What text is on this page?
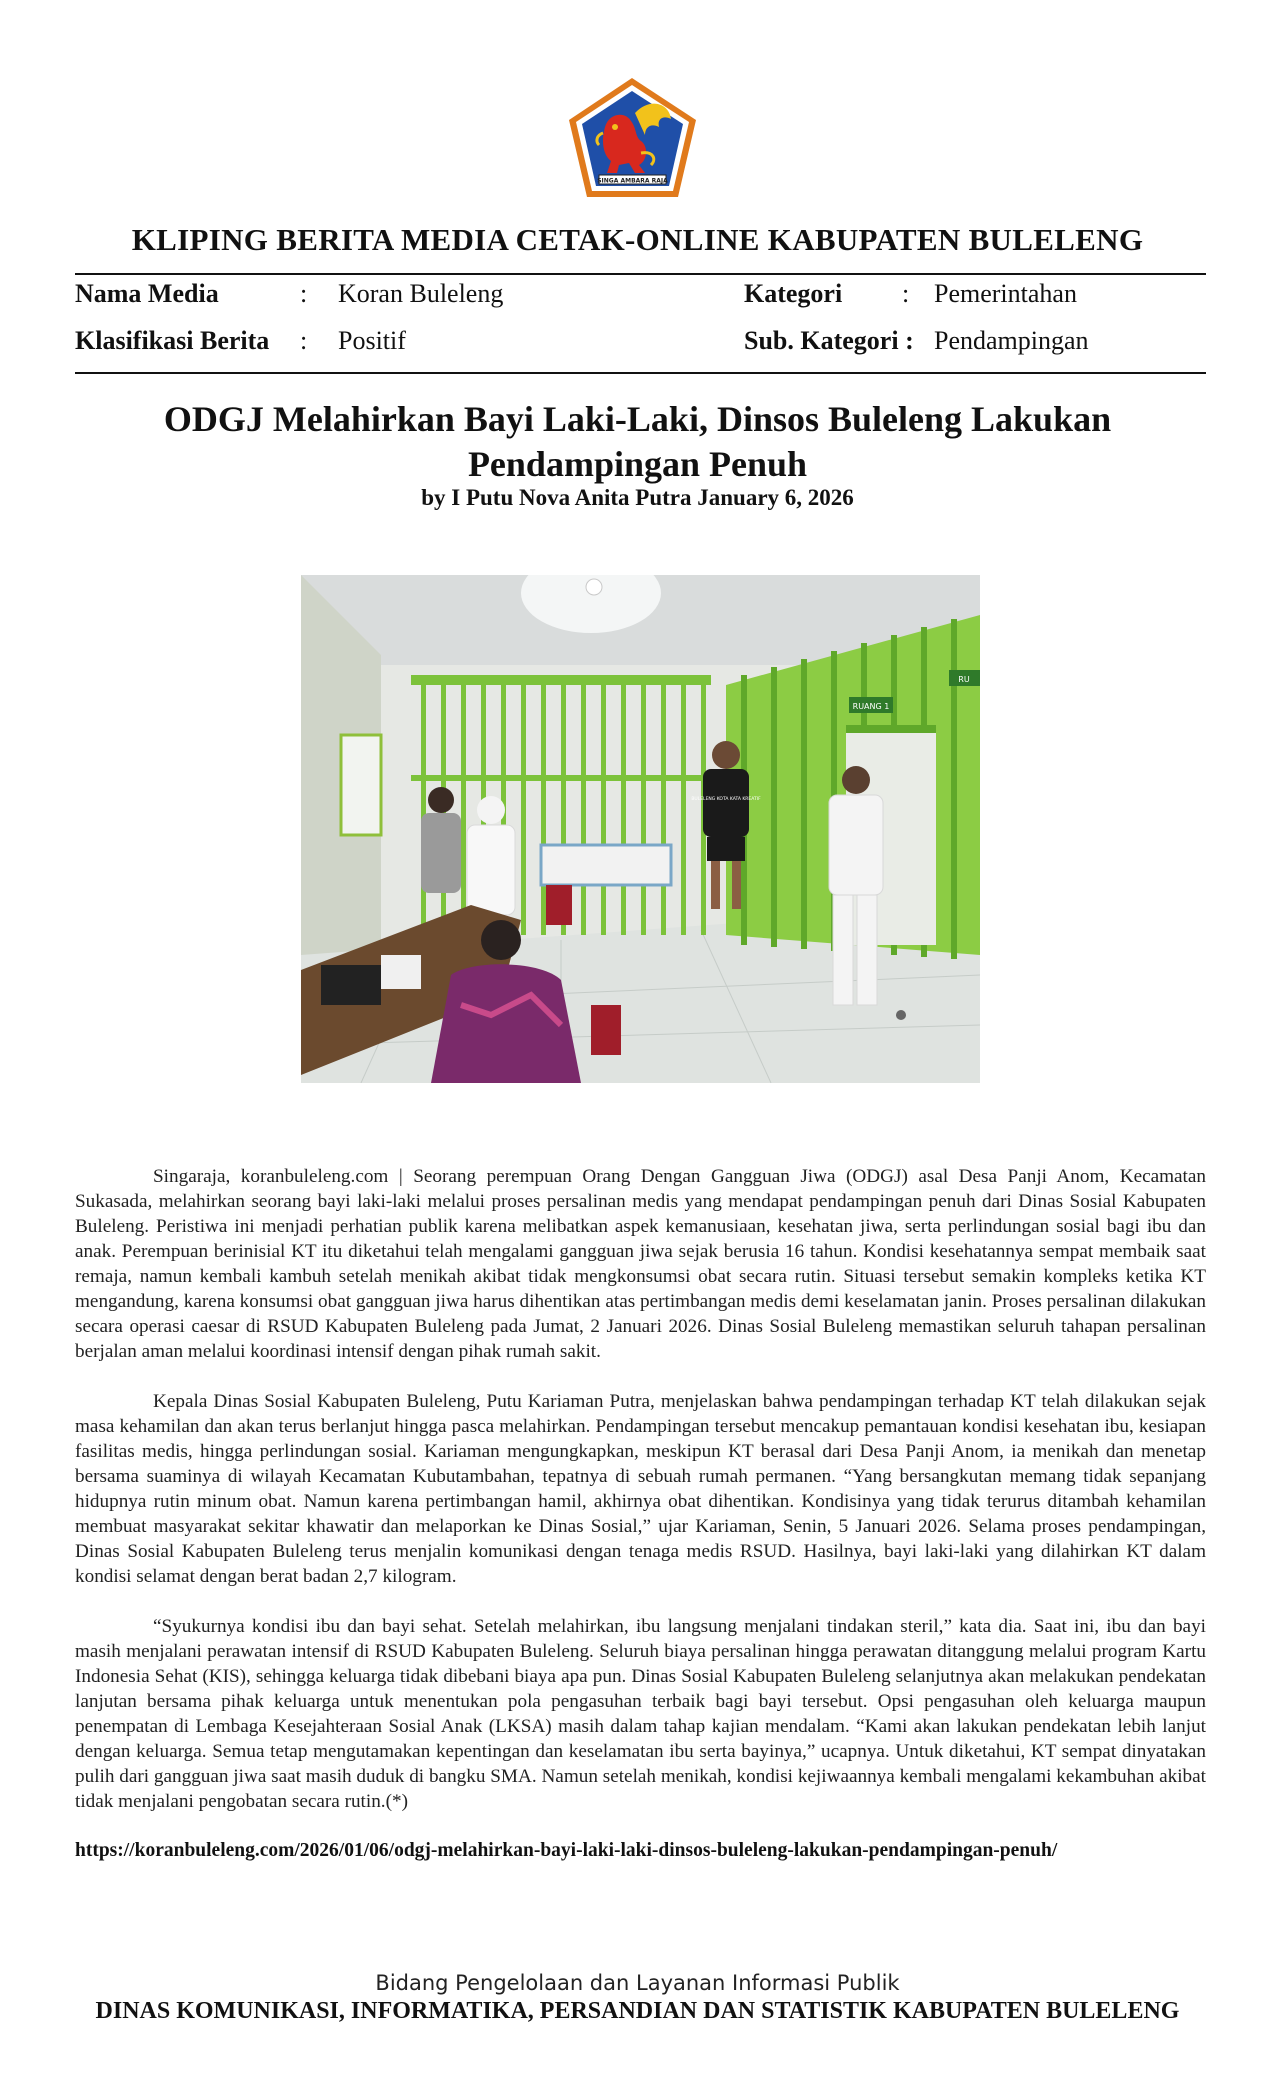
SINGA AMBARA RAJA
KLIPING BERITA MEDIA CETAK-ONLINE KABUPATEN BULELENG
Nama Media	: Koran Buleleng	Kategori : Pemerintahan
Klasifikasi Berita : Positif	Sub. Kategori : Pendampingan
ODGJ Melahirkan Bayi Laki-Laki, Dinsos Buleleng Lakukan Pendampingan Penuh
by I Putu Nova Anita Putra January 6, 2026
RUANG 1
RU
BULELENG KOTA KATA KREATIF

Singaraja, koranbuleleng.com | Seorang perempuan Orang Dengan Gangguan Jiwa (ODGJ) asal Desa Panji Anom, Kecamatan Sukasada, melahirkan seorang bayi laki-laki melalui proses persalinan medis yang mendapat pendampingan penuh dari Dinas Sosial Kabupaten Buleleng. Peristiwa ini menjadi perhatian publik karena melibatkan aspek kemanusiaan, kesehatan jiwa, serta perlindungan sosial bagi ibu dan anak. Perempuan berinisial KT itu diketahui telah mengalami gangguan jiwa sejak berusia 16 tahun. Kondisi kesehatannya sempat membaik saat remaja, namun kembali kambuh setelah menikah akibat tidak mengkonsumsi obat secara rutin. Situasi tersebut semakin kompleks ketika KT mengandung, karena konsumsi obat gangguan jiwa harus dihentikan atas pertimbangan medis demi keselamatan janin. Proses persalinan dilakukan secara operasi caesar di RSUD Kabupaten Buleleng pada Jumat, 2 Januari 2026. Dinas Sosial Buleleng memastikan seluruh tahapan persalinan berjalan aman melalui koordinasi intensif dengan pihak rumah sakit.

Kepala Dinas Sosial Kabupaten Buleleng, Putu Kariaman Putra, menjelaskan bahwa pendampingan terhadap KT telah dilakukan sejak masa kehamilan dan akan terus berlanjut hingga pasca melahirkan. Pendampingan tersebut mencakup pemantauan kondisi kesehatan ibu, kesiapan fasilitas medis, hingga perlindungan sosial. Kariaman mengungkapkan, meskipun KT berasal dari Desa Panji Anom, ia menikah dan menetap bersama suaminya di wilayah Kecamatan Kubutambahan, tepatnya di sebuah rumah permanen. “Yang bersangkutan memang tidak sepanjang hidupnya rutin minum obat. Namun karena pertimbangan hamil, akhirnya obat dihentikan. Kondisinya yang tidak terurus ditambah kehamilan membuat masyarakat sekitar khawatir dan melaporkan ke Dinas Sosial,” ujar Kariaman, Senin, 5 Januari 2026. Selama proses pendampingan, Dinas Sosial Kabupaten Buleleng terus menjalin komunikasi dengan tenaga medis RSUD. Hasilnya, bayi laki-laki yang dilahirkan KT dalam kondisi selamat dengan berat badan 2,7 kilogram.

“Syukurnya kondisi ibu dan bayi sehat. Setelah melahirkan, ibu langsung menjalani tindakan steril,” kata dia. Saat ini, ibu dan bayi masih menjalani perawatan intensif di RSUD Kabupaten Buleleng. Seluruh biaya persalinan hingga perawatan ditanggung melalui program Kartu Indonesia Sehat (KIS), sehingga keluarga tidak dibebani biaya apa pun. Dinas Sosial Kabupaten Buleleng selanjutnya akan melakukan pendekatan lanjutan bersama pihak keluarga untuk menentukan pola pengasuhan terbaik bagi bayi tersebut. Opsi pengasuhan oleh keluarga maupun penempatan di Lembaga Kesejahteraan Sosial Anak (LKSA) masih dalam tahap kajian mendalam. “Kami akan lakukan pendekatan lebih lanjut dengan keluarga. Semua tetap mengutamakan kepentingan dan keselamatan ibu serta bayinya,” ucapnya. Untuk diketahui, KT sempat dinyatakan pulih dari gangguan jiwa saat masih duduk di bangku SMA. Namun setelah menikah, kondisi kejiwaannya kembali mengalami kekambuhan akibat tidak menjalani pengobatan secara rutin.(*)

https://koranbuleleng.com/2026/01/06/odgj-melahirkan-bayi-laki-laki-dinsos-buleleng-lakukan-pendampingan-penuh/
Bidang Pengelolaan dan Layanan Informasi Publik
DINAS KOMUNIKASI, INFORMATIKA, PERSANDIAN DAN STATISTIK KABUPATEN BULELENG
